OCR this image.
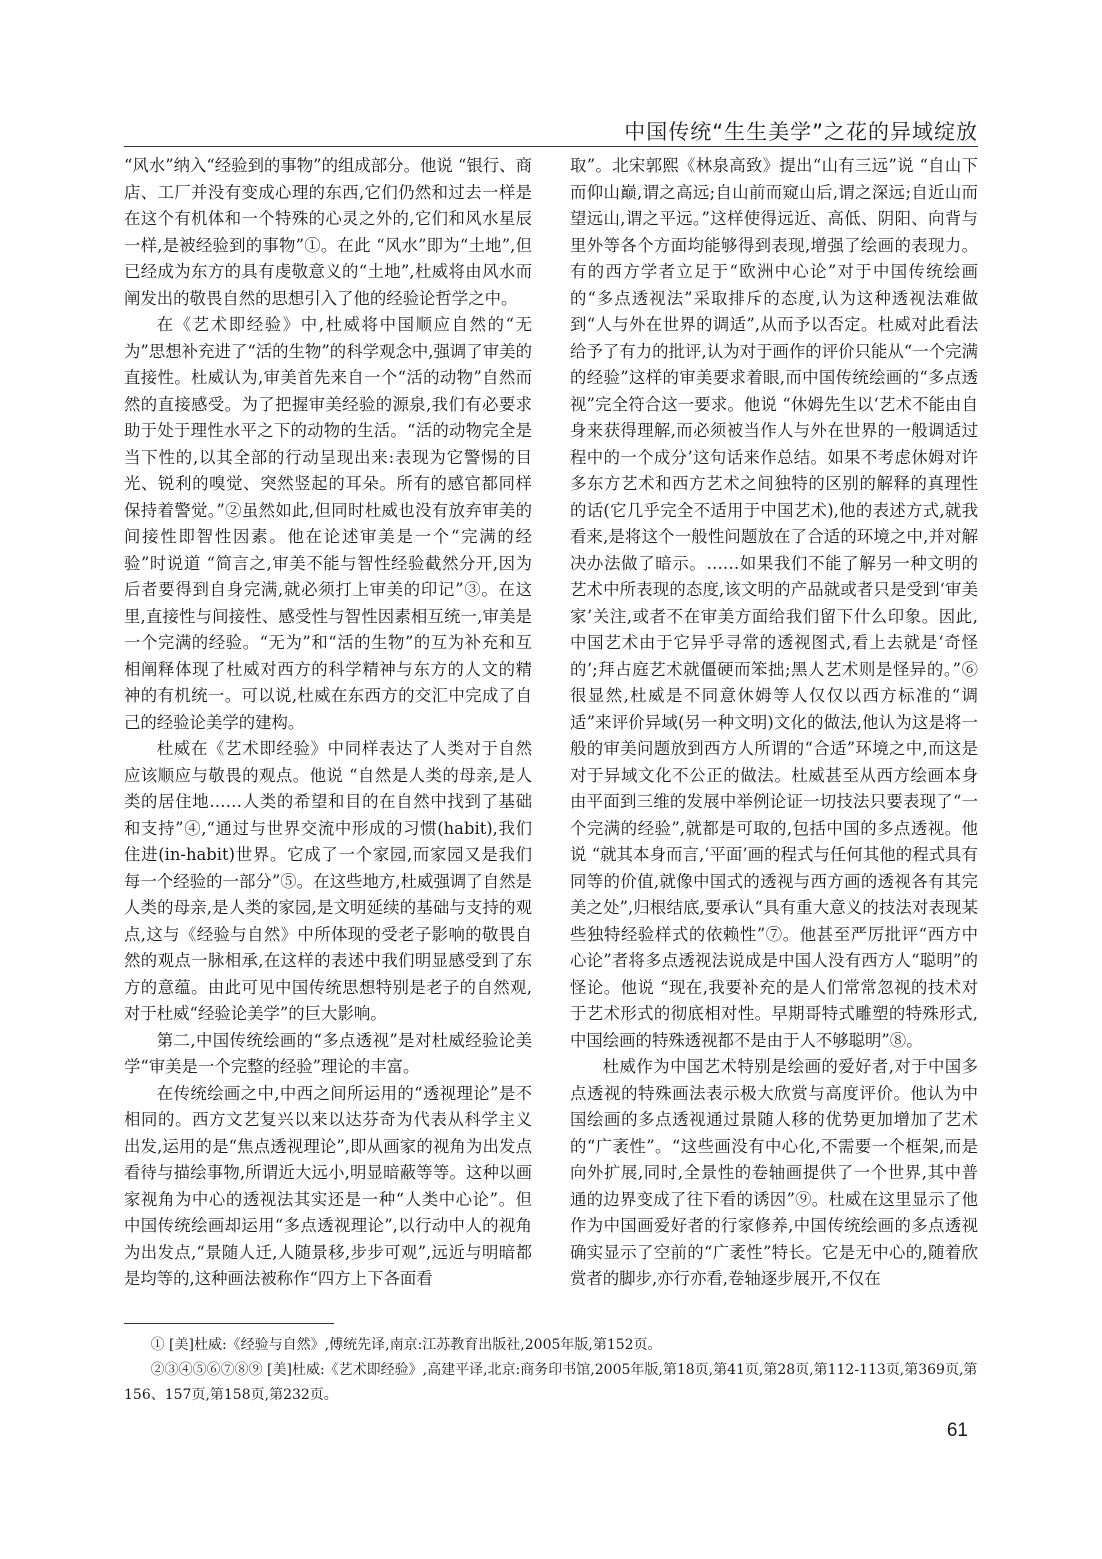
中国传统“生生美学”之花的异域绽放

“风水”纳入“经验到的事物”的组成部分。他说 “银行、商店、工厂并没有变成心理的东西,它们仍然和过去一样是在这个有机体和一个特殊的心灵之外的,它们和风水星辰一样,是被经验到的事物”①。在此 “风水”即为“土地”,但已经成为东方的具有虔敬意义的“土地”,杜威将由风水而阐发出的敬畏自然的思想引入了他的经验论哲学之中。

在《艺术即经验》中,杜威将中国顺应自然的“无为”思想补充进了“活的生物”的科学观念中,强调了审美的直接性。杜威认为,审美首先来自一个“活的动物”自然而然的直接感受。为了把握审美经验的源泉,我们有必要求助于处于理性水平之下的动物的生活。“活的动物完全是当下性的,以其全部的行动呈现出来:表现为它警惕的目光、锐利的嗅觉、突然竖起的耳朵。所有的感官都同样保持着警觉。”②虽然如此,但同时杜威也没有放弃审美的间接性即智性因素。他在论述审美是一个“完满的经验”时说道 “简言之,审美不能与智性经验截然分开,因为后者要得到自身完满,就必须打上审美的印记”③。在这里,直接性与间接性、感受性与智性因素相互统一,审美是一个完满的经验。“无为”和“活的生物”的互为补充和互相阐释体现了杜威对西方的科学精神与东方的人文的精神的有机统一。可以说,杜威在东西方的交汇中完成了自己的经验论美学的建构。

杜威在《艺术即经验》中同样表达了人类对于自然应该顺应与敬畏的观点。他说 “自然是人类的母亲,是人类的居住地……人类的希望和目的在自然中找到了基础和支持”④,“通过与世界交流中形成的习惯(habit),我们住进(in-habit)世界。它成了一个家园,而家园又是我们每一个经验的一部分”⑤。在这些地方,杜威强调了自然是人类的母亲,是人类的家园,是文明延续的基础与支持的观点,这与《经验与自然》中所体现的受老子影响的敬畏自然的观点一脉相承,在这样的表述中我们明显感受到了东方的意蕴。由此可见中国传统思想特别是老子的自然观,对于杜威“经验论美学”的巨大影响。

第二,中国传统绘画的“多点透视”是对杜威经验论美学“审美是一个完整的经验”理论的丰富。

在传统绘画之中,中西之间所运用的“透视理论”是不相同的。西方文艺复兴以来以达芬奇为代表从科学主义出发,运用的是“焦点透视理论”,即从画家的视角为出发点看待与描绘事物,所谓近大远小,明显暗蔽等等。这种以画家视角为中心的透视法其实还是一种“人类中心论”。但中国传统绘画却运用“多点透视理论”,以行动中人的视角为出发点,“景随人迁,人随景移,步步可观”,远近与明暗都是均等的,这种画法被称作“四方上下各面看

取”。北宋郭熙《林泉高致》提出“山有三远”说 “自山下而仰山巅,谓之高远;自山前而窥山后,谓之深远;自近山而望远山,谓之平远。”这样使得远近、高低、阴阳、向背与里外等各个方面均能够得到表现,增强了绘画的表现力。有的西方学者立足于“欧洲中心论”对于中国传统绘画的“多点透视法”采取排斥的态度,认为这种透视法难做到“人与外在世界的调适”,从而予以否定。杜威对此看法给予了有力的批评,认为对于画作的评价只能从“一个完满的经验”这样的审美要求着眼,而中国传统绘画的“多点透视”完全符合这一要求。他说 “休姆先生以‘艺术不能由自身来获得理解,而必须被当作人与外在世界的一般调适过程中的一个成分’这句话来作总结。如果不考虑休姆对许多东方艺术和西方艺术之间独特的区别的解释的真理性的话(它几乎完全不适用于中国艺术),他的表述方式,就我看来,是将这个一般性问题放在了合适的环境之中,并对解决办法做了暗示。……如果我们不能了解另一种文明的艺术中所表现的态度,该文明的产品就或者只是受到‘审美家’关注,或者不在审美方面给我们留下什么印象。因此,中国艺术由于它异乎寻常的透视图式,看上去就是‘奇怪的’;拜占庭艺术就僵硬而笨拙;黑人艺术则是怪异的。”⑥很显然,杜威是不同意休姆等人仅仅以西方标准的“调适”来评价异域(另一种文明)文化的做法,他认为这是将一般的审美问题放到西方人所谓的“合适”环境之中,而这是对于异域文化不公正的做法。杜威甚至从西方绘画本身由平面到三维的发展中举例论证一切技法只要表现了“一个完满的经验”,就都是可取的,包括中国的多点透视。他说 “就其本身而言,‘平面’画的程式与任何其他的程式具有同等的价值,就像中国式的透视与西方画的透视各有其完美之处”,归根结底,要承认“具有重大意义的技法对表现某些独特经验样式的依赖性”⑦。他甚至严厉批评“西方中心论”者将多点透视法说成是中国人没有西方人“聪明”的怪论。他说 “现在,我要补充的是人们常常忽视的技术对于艺术形式的彻底相对性。早期哥特式雕塑的特殊形式,中国绘画的特殊透视都不是由于人不够聪明”⑧。

杜威作为中国艺术特别是绘画的爱好者,对于中国多点透视的特殊画法表示极大欣赏与高度评价。他认为中国绘画的多点透视通过景随人移的优势更加增加了艺术的“广袤性”。“这些画没有中心化,不需要一个框架,而是向外扩展,同时,全景性的卷轴画提供了一个世界,其中普通的边界变成了往下看的诱因”⑨。杜威在这里显示了他作为中国画爱好者的行家修养,中国传统绘画的多点透视确实显示了空前的“广袤性”特长。它是无中心的,随着欣赏者的脚步,亦行亦看,卷轴逐步展开,不仅在

① [美]杜威:《经验与自然》,傅统先译,南京:江苏教育出版社,2005年版,第152页。

②③④⑤⑥⑦⑧⑨ [美]杜威:《艺术即经验》,高建平译,北京:商务印书馆,2005年版,第18页,第41页,第28页,第112-113页,第369页,第156、157页,第158页,第232页。

61
